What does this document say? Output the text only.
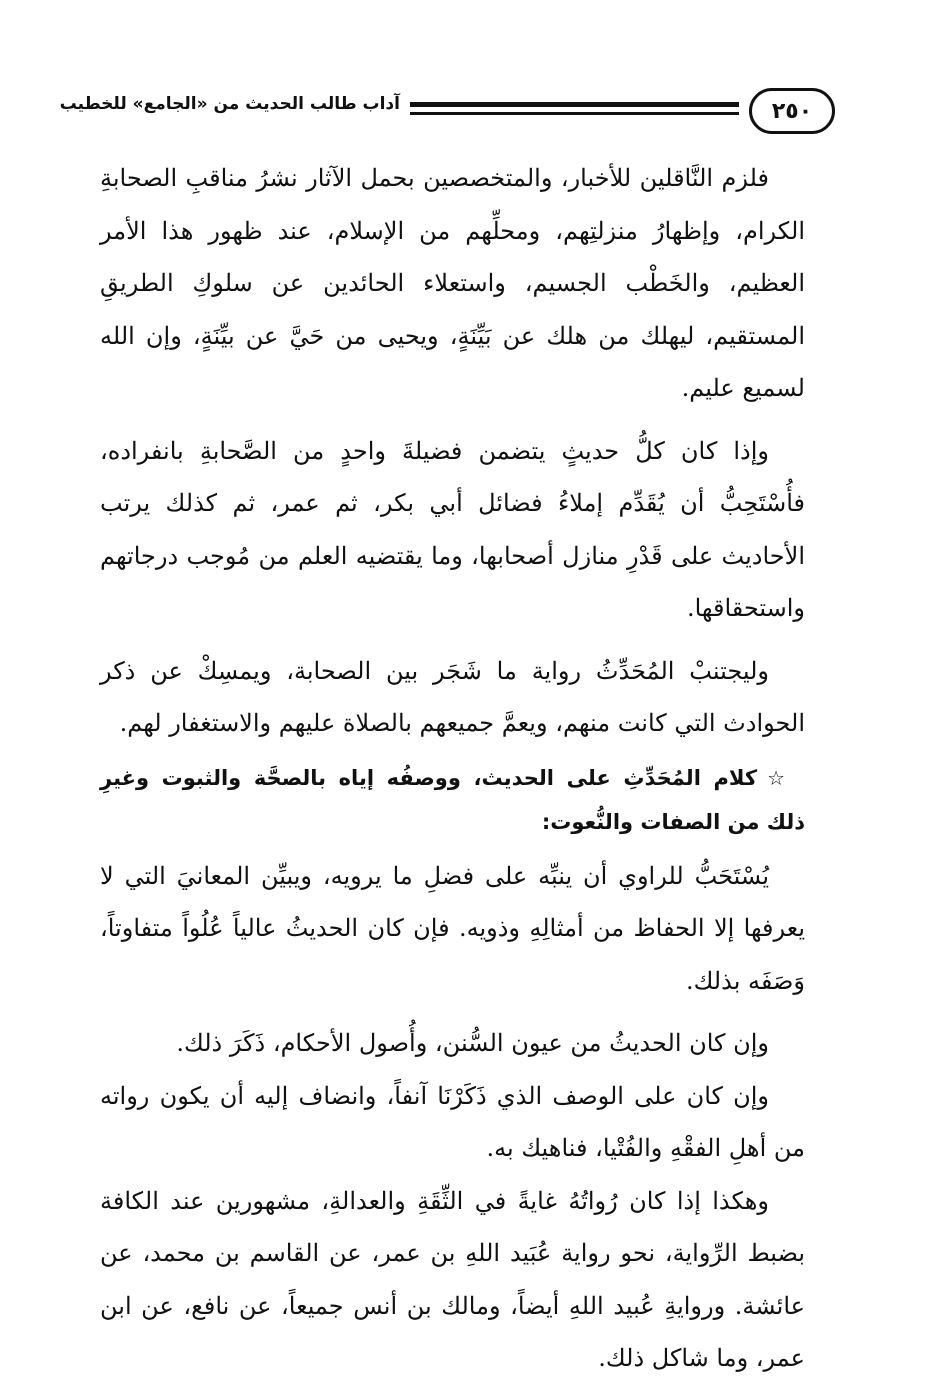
٢٥٠
آداب طالب الحديث من «الجامع» للخطيب

فلزم النَّاقلين للأخبار، والمتخصصين بحمل الآثار نشرُ مناقبِ الصحابةِ الكرام، وإظهارُ منزلتِهم، ومحلِّهم من الإسلام، عند ظهور هذا الأمر العظيم، والخَطْب الجسيم، واستعلاء الحائدين عن سلوكِ الطريقِ المستقيم، ليهلك من هلك عن بَيِّنَةٍ، ويحيى من حَيَّ عن بيِّنَةٍ، وإن الله لسميع عليم.

وإذا كان كلُّ حديثٍ يتضمن فضيلةَ واحدٍ من الصَّحابةِ بانفراده، فأُسْتَحِبُّ أن يُقَدِّم إملاءُ فضائل أبي بكر، ثم عمر، ثم كذلك يرتب الأحاديث على قَدْرِ منازل أصحابها، وما يقتضيه العلم من مُوجب درجاتهم واستحقاقها.

وليجتنبْ المُحَدِّثُ رواية ما شَجَر بين الصحابة، ويمسِكْ عن ذكر الحوادث التي كانت منهم، ويعمَّ جميعهم بالصلاة عليهم والاستغفار لهم.

☆كلام المُحَدِّثِ على الحديث، ووصفُه إياه بالصحَّة والثبوت وغيرِ ذلك من الصفات والنُّعوت:

يُسْتَحَبُّ للراوي أن ينبِّه على فضلِ ما يرويه، ويبيِّن المعانيَ التي لا يعرفها إلا الحفاظ من أمثالِهِ وذويه. فإن كان الحديثُ عالياً عُلُواً متفاوتاً، وَصَفَه بذلك.

وإن كان الحديثُ من عيون السُّنن، وأُصول الأحكام، ذَكَرَ ذلك.

وإن كان على الوصف الذي ذَكَرْنَا آنفاً، وانضاف إليه أن يكون رواته من أهلِ الفقْهِ والفُتْيا، فناهيك به.

وهكذا إذا كان رُواتُهُ غايةً في الثِّقَةِ والعدالةِ، مشهورين عند الكافة بضبط الرِّواية، نحو رواية عُبَيد اللهِ بن عمر، عن القاسم بن محمد، عن عائشة. وروايةِ عُبيد اللهِ أيضاً، ومالك بن أنس جميعاً، عن نافع، عن ابن عمر، وما شاكل ذلك.
